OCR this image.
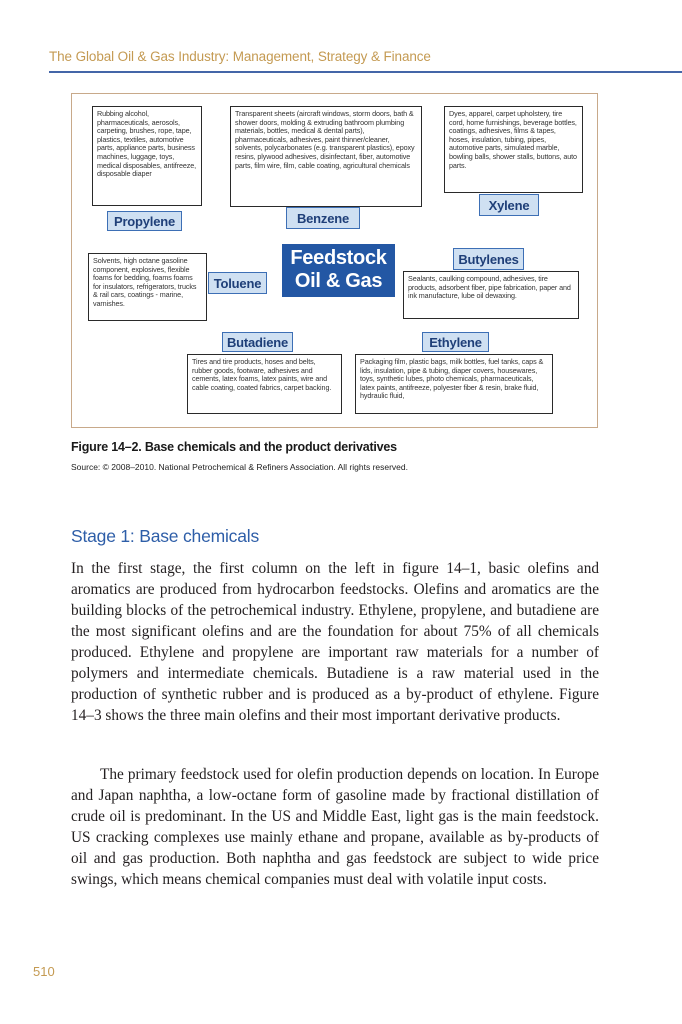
The Global Oil & Gas Industry: Management, Strategy & Finance
Rubbing alcohol, pharmaceuticals, aerosols, carpeting, brushes, rope, tape, plastics, textiles, automotive parts, appliance parts, business machines, luggage, toys, medical disposables, antifreeze, disposable diaper
Propylene
Transparent sheets (aircraft windows, storm doors, bath & shower doors, molding & extruding bathroom plumbing materials, bottles, medical & dental parts), pharmaceuticals, adhesives, paint thinner/cleaner, solvents, polycarbonates (e.g. transparent plastics), epoxy resins, plywood adhesives, disinfectant, fiber, automotive parts, film wire, film, cable coating, agricultural chemicals
Benzene
Dyes, apparel, carpet upholstery, tire cord, home furnishings, beverage bottles, coatings, adhesives, films & tapes, hoses, insulation, tubing, pipes, automotive parts, simulated marble, bowling balls, shower stalls, buttons, auto parts.
Xylene
Solvents, high octane gasoline component, explosives, flexible foams for bedding, foams foams for insulators, refrigerators, trucks & rail cars, coatings - marine, varnishes.
Toluene
Feedstock
Oil & Gas
Butylenes
Sealants, caulking compound, adhesives, tire products, adsorbent fiber, pipe fabrication, paper and ink manufacture, lube oil dewaxing.
Butadiene
Tires and tire products, hoses and belts, rubber goods, footware, adhesives and cements, latex foams, latex paints, wire and cable coating, coated fabrics, carpet backing.
Ethylene
Packaging film, plastic bags, milk bottles, fuel tanks, caps & lids, insulation, pipe & tubing, diaper covers, housewares, toys, synthetic lubes, photo chemicals, pharmaceuticals, latex paints, antifreeze, polyester fiber & resin, brake fluid, hydraulic fluid,
Figure 14–2. Base chemicals and the product derivatives
Source: © 2008–2010. National Petrochemical & Refiners Association. All rights reserved.
Stage 1: Base chemicals

In the first stage, the first column on the left in figure 14–1, basic olefins and aromatics are produced from hydrocarbon feedstocks. Olefins and aromatics are the building blocks of the petrochemical industry. Ethylene, propylene, and butadiene are the most significant olefins and are the foundation for about 75% of all chemicals produced. Ethylene and propylene are important raw materials for a number of polymers and intermediate chemicals. Butadiene is a raw material used in the production of synthetic rubber and is produced as a by-product of ethylene. Figure 14–3 shows the three main olefins and their most important derivative products.

The primary feedstock used for olefin production depends on location. In Europe and Japan naphtha, a low-octane form of gasoline made by fractional distillation of crude oil is predominant. In the US and Middle East, light gas is the main feedstock. US cracking complexes use mainly ethane and propane, available as by-products of oil and gas production. Both naphtha and gas feedstock are subject to wide price swings, which means chemical companies must deal with volatile input costs.

510
